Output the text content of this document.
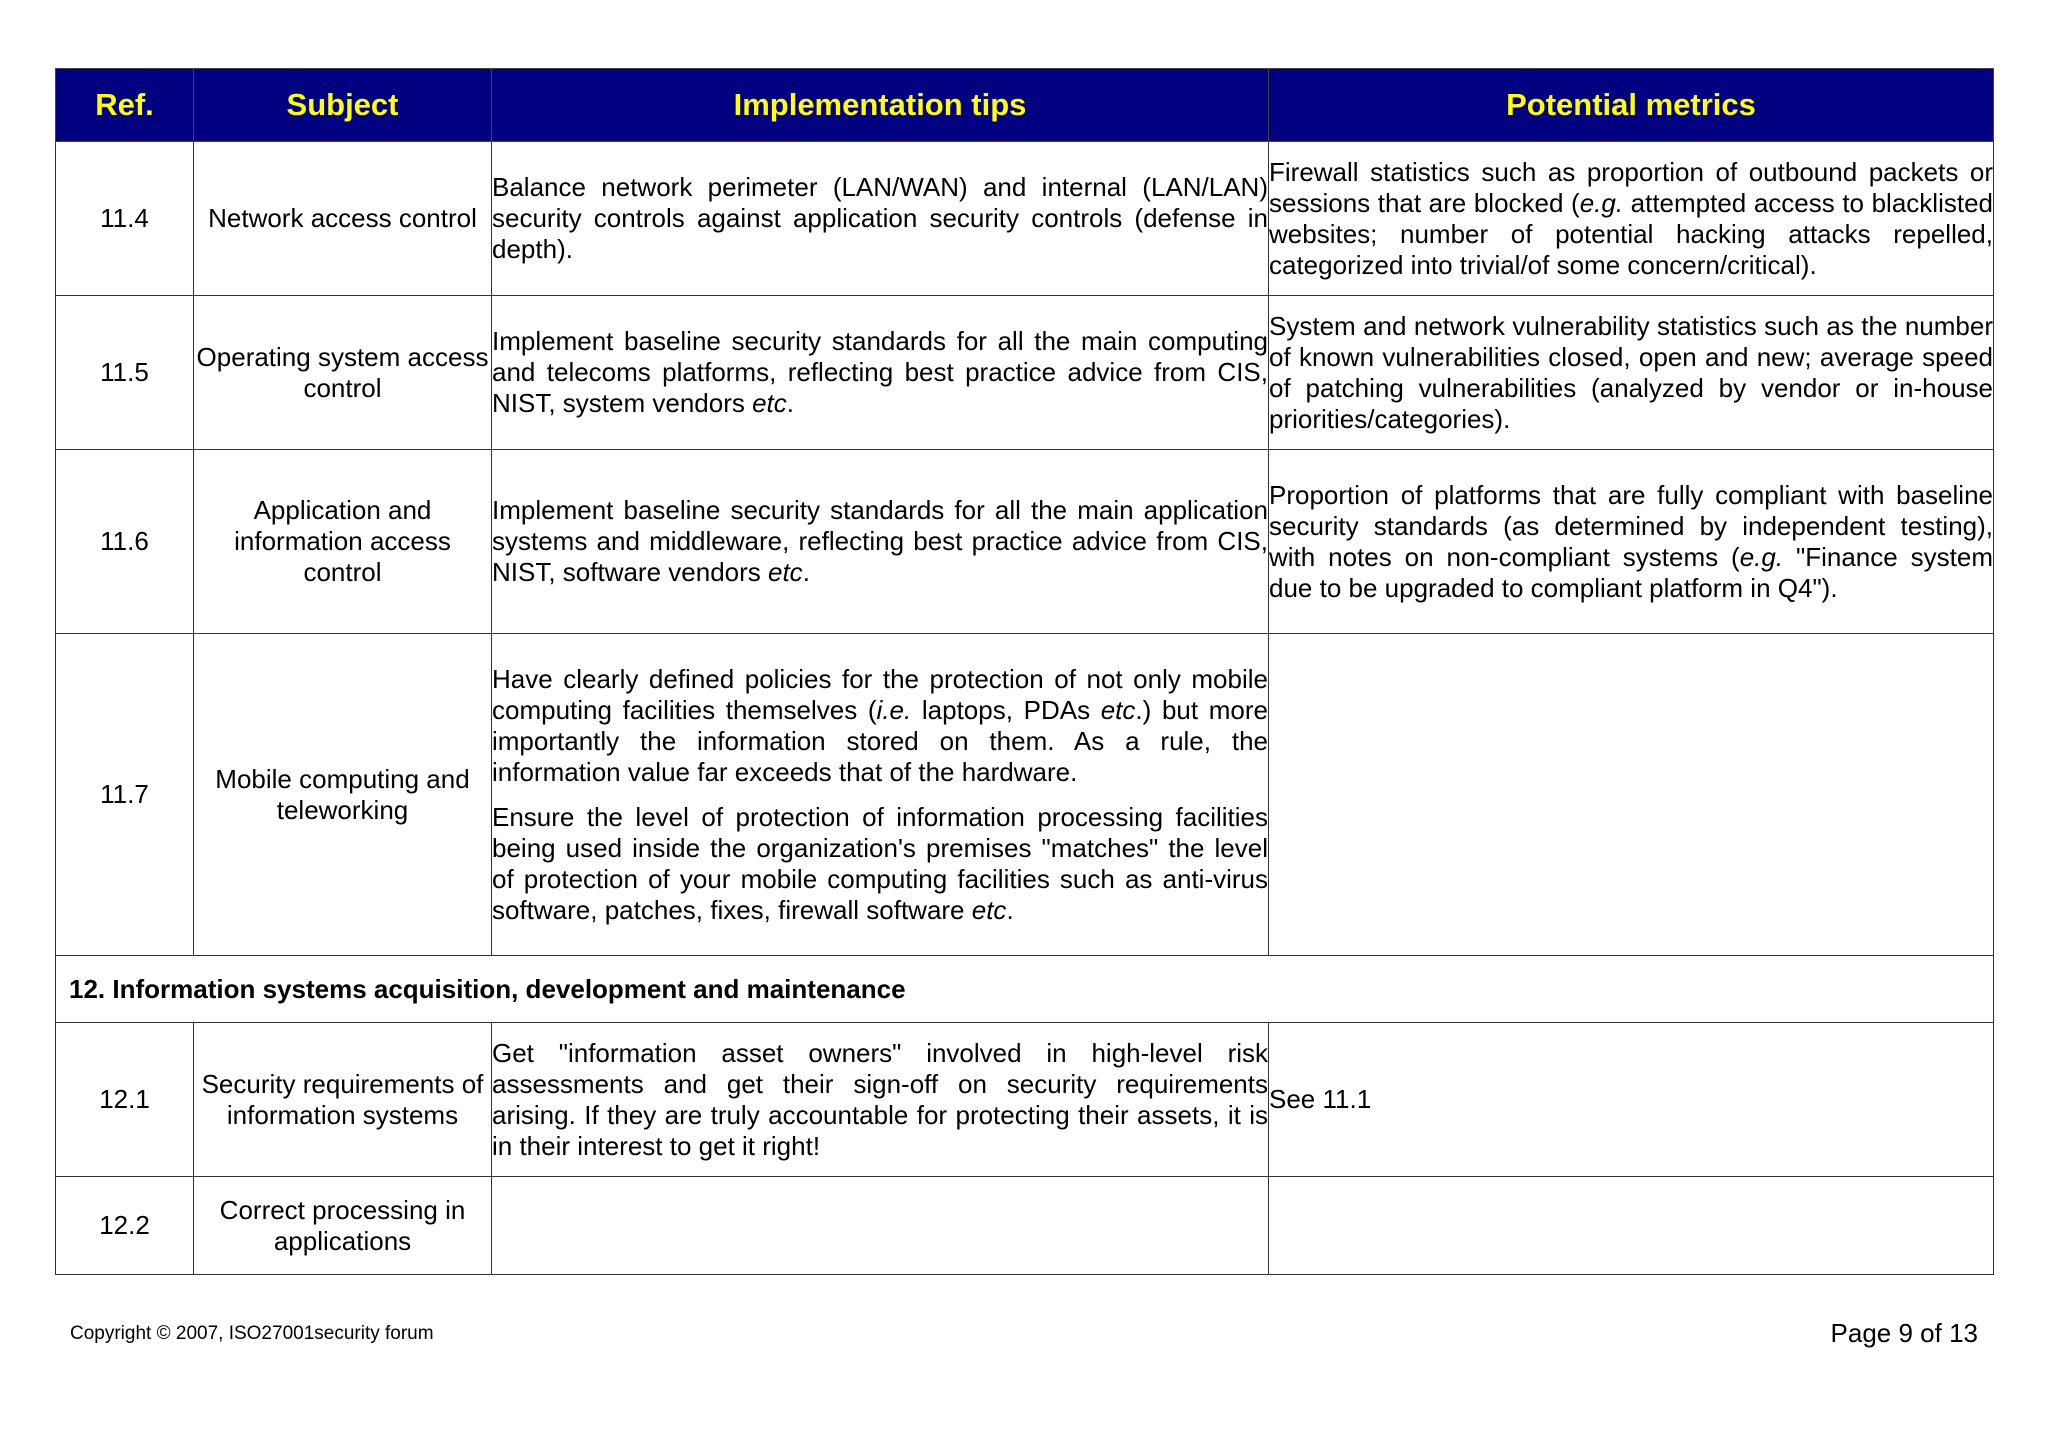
Ref.	Subject	Implementation tips	Potential metrics
11.4	Network access control	Balance network perimeter (LAN/WAN) and internal (LAN/LAN) security controls against application security controls (defense in depth).	Firewall statistics such as proportion of outbound packets or sessions that are blocked (e.g. attempted access to blacklisted websites; number of potential hacking attacks repelled, categorized into trivial/of some concern/critical).

11.5	Operating system access control	Implement baseline security standards for all the main computing and telecoms platforms, reflecting best practice advice from CIS, NIST, system vendors etc.	System and network vulnerability statistics such as the number of known vulnerabilities closed, open and new; average speed of patching vulnerabilities (analyzed by vendor or in-house priorities/categories).

11.6	Application and information access control	Implement baseline security standards for all the main application systems and middleware, reflecting best practice advice from CIS, NIST, software vendors etc.	Proportion of platforms that are fully compliant with baseline security standards (as determined by independent testing), with notes on non-compliant systems (e.g. "Finance system due to be upgraded to compliant platform in Q4").

11.7	Mobile computing and teleworking	Have clearly defined policies for the protection of not only mobile computing facilities themselves (i.e. laptops, PDAs etc.) but more importantly the information stored on them. As a rule, the information value far exceeds that of the hardware.

Ensure the level of protection of information processing facilities being used inside the organization's premises "matches" the level of protection of your mobile computing facilities such as anti-virus software, patches, fixes, firewall software etc.	

12. Information systems acquisition, development and maintenance			
12.1	Security requirements of information systems	Get "information asset owners" involved in high-level risk assessments and get their sign-off on security requirements arising. If they are truly accountable for protecting their assets, it is in their interest to get it right!	See 11.1

12.2	Correct processing in applications		
Copyright © 2007, ISO27001security forum	Page 9 of 13
